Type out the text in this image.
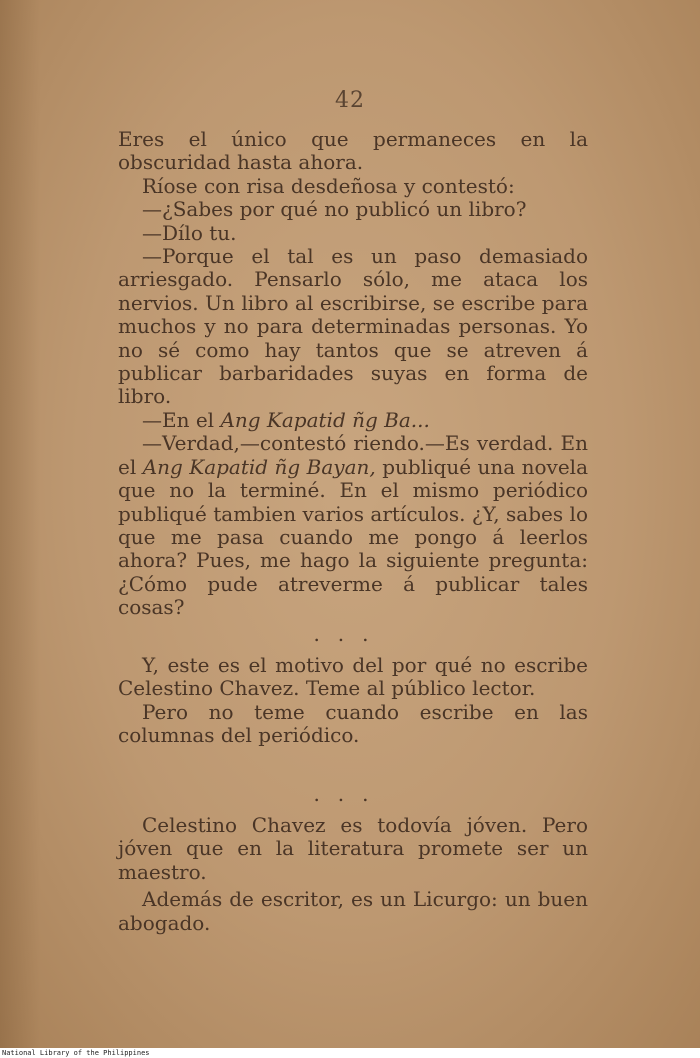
42

Eres el único que permaneces en la obscuridad hasta ahora.

Ríose con risa desdeñosa y contestó:

—¿Sabes por qué no publicó un libro?

—Dílo tu.

—Porque el tal es un paso demasiado arriesgado. Pensarlo sólo, me ataca los nervios. Un libro al escribirse, se escribe para muchos y no para determinadas personas. Yo no sé como hay tantos que se atreven á publicar barbaridades suyas en forma de libro.

—En el Ang Kapatid ñg Ba...

—Verdad,—contestó riendo.—Es verdad. En el Ang Kapatid ñg Bayan, publiqué una novela que no la terminé. En el mismo periódico publiqué tambien varios artículos. ¿Y, sabes lo que me pasa cuando me pongo á leerlos ahora? Pues, me hago la siguiente pregunta: ¿Cómo pude atreverme á publicar tales cosas?

...

Y, este es el motivo del por qué no escribe Celestino Chavez. Teme al público lector.

Pero no teme cuando escribe en las columnas del periódico.

...

Celestino Chavez es todovía jóven. Pero jóven que en la literatura promete ser un maestro.

Además de escritor, es un Licurgo: un buen abogado.

National Library of the Philippines
